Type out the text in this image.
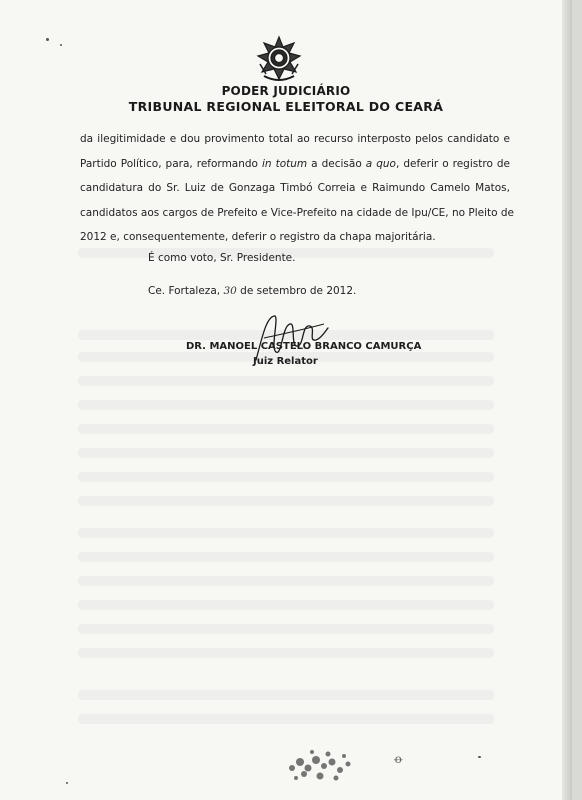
PODER JUDICIÁRIO
TRIBUNAL REGIONAL ELEITORAL DO CEARÁ
da ilegitimidade e dou provimento total ao recurso interposto pelos candidato e
Partido Político, para, reformando in totum a decisão a quo, deferir o registro de
candidatura do Sr. Luiz de Gonzaga Timbó Correia e Raimundo Camelo Matos,
candidatos aos cargos de Prefeito e Vice-Prefeito na cidade de Ipu/CE, no Pleito de
2012 e, consequentemente, deferir o registro da chapa majoritária.
É como voto, Sr. Presidente.
Ce. Fortaleza, 30 de setembro de 2012.
DR. MANOEL CASTELO BRANCO CAMURÇA
Juiz Relator
ꝋ
